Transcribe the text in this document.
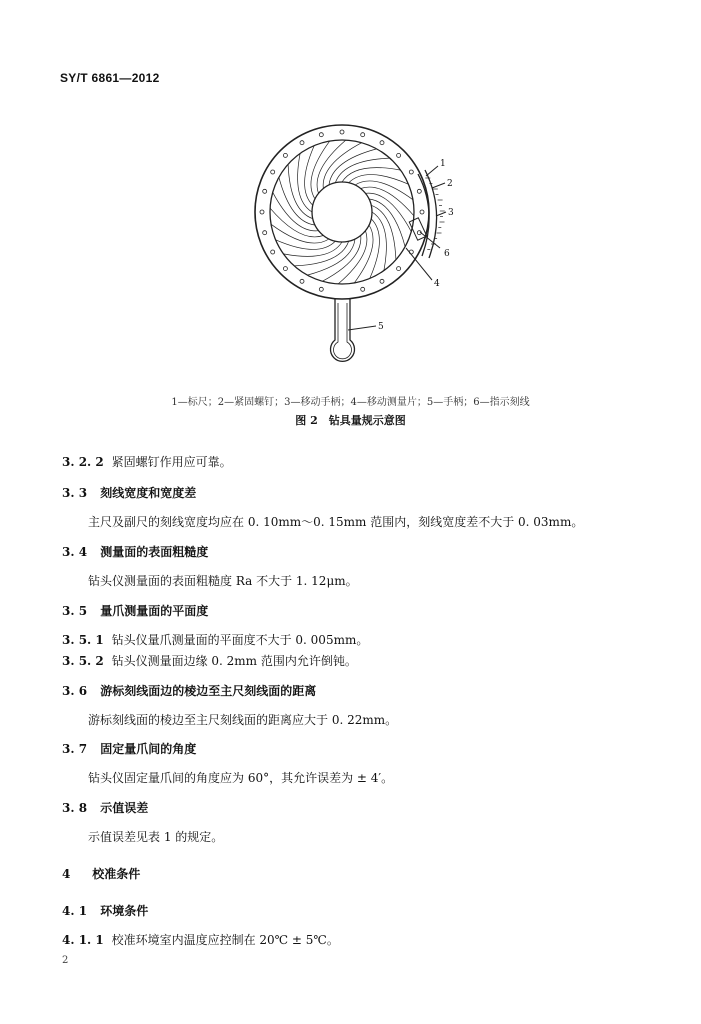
SY/T 6861—2012
1
2
3
4
5
6
1—标尺；2—紧固螺钉；3—移动手柄；4—移动测量片；5—手柄；6—指示刻线
图 2　钻具量规示意图
3. 2. 2 紧固螺钉作用应可靠。
3. 3 刻线宽度和宽度差
主尺及副尺的刻线宽度均应在 0. 10mm～0. 15mm 范围内，刻线宽度差不大于 0. 03mm。
3. 4 测量面的表面粗糙度
钻头仪测量面的表面粗糙度 Ra 不大于 1. 12μm。
3. 5 量爪测量面的平面度
3. 5. 1 钻头仪量爪测量面的平面度不大于 0. 005mm。
3. 5. 2 钻头仪测量面边缘 0. 2mm 范围内允许倒钝。
3. 6 游标刻线面边的棱边至主尺刻线面的距离
游标刻线面的棱边至主尺刻线面的距离应大于 0. 22mm。
3. 7 固定量爪间的角度
钻头仪固定量爪间的角度应为 60°，其允许误差为 ± 4′。
3. 8 示值误差
示值误差见表 1 的规定。
4 校准条件
4. 1 环境条件
4. 1. 1 校准环境室内温度应控制在 20℃ ± 5℃。
2
